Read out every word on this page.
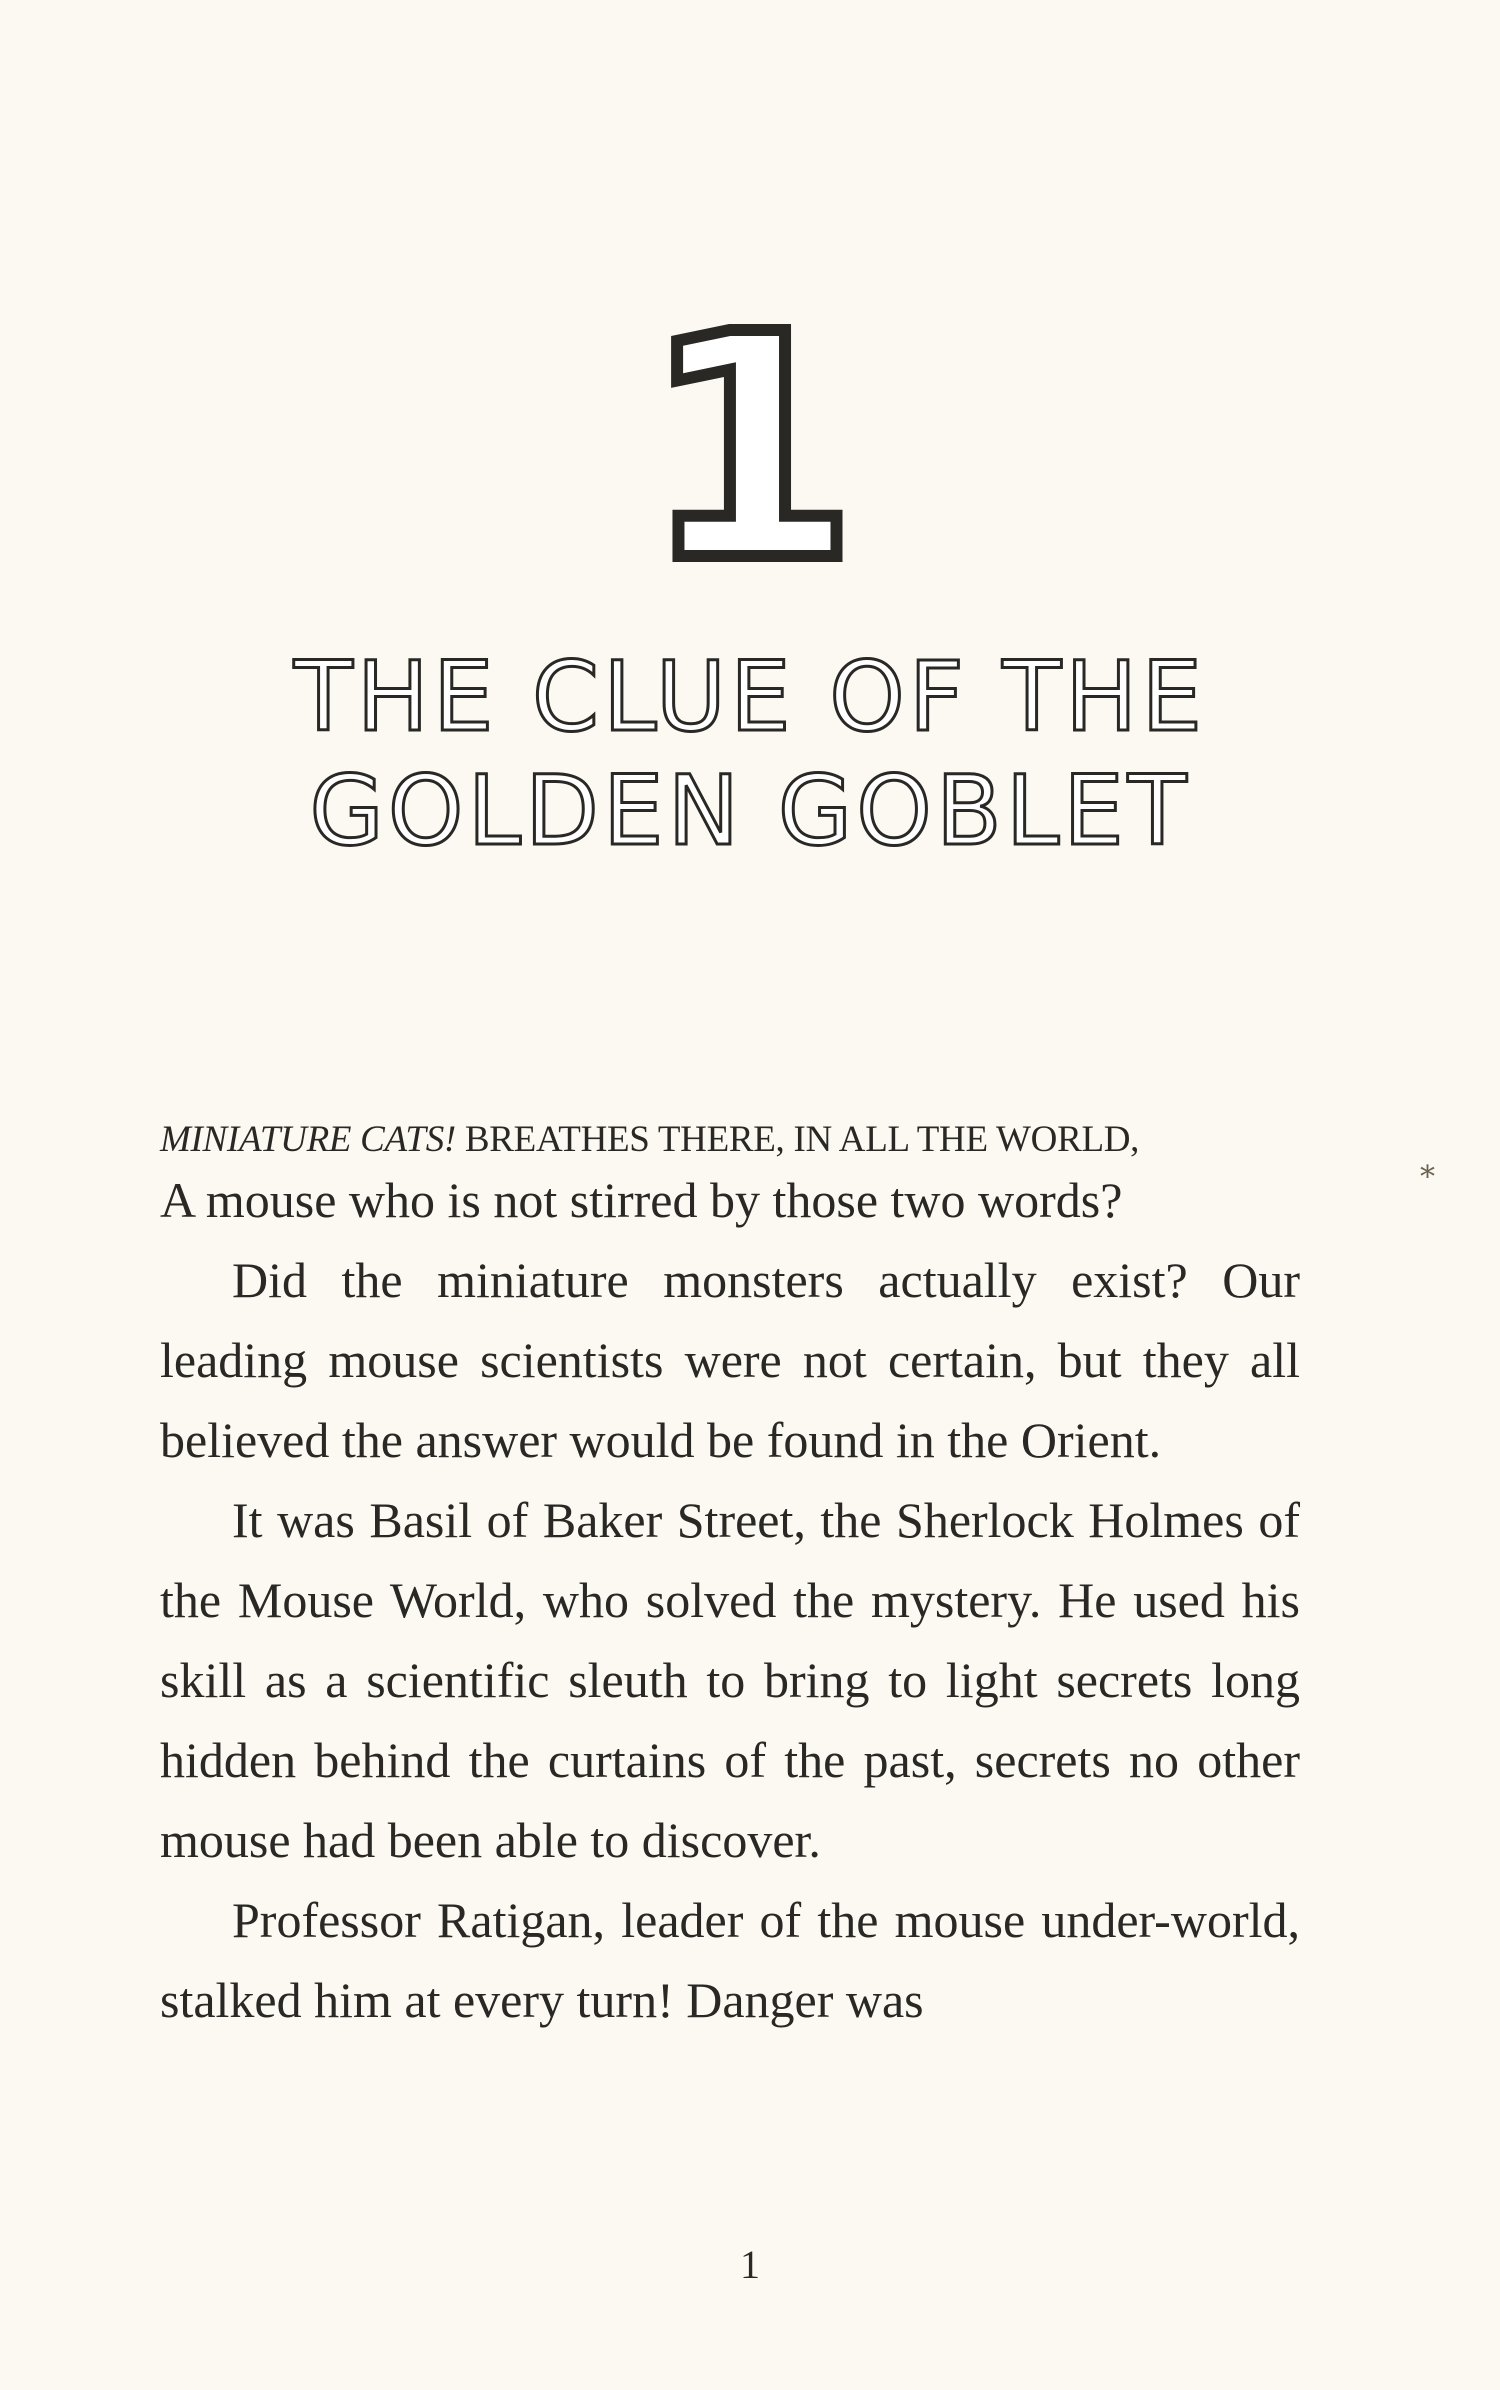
1
THE CLUE OF THE
GOLDEN GOBLET
⁎
MINIATURE CATS! BREATHES THERE, IN ALL THE WORLD,

A mouse who is not stirred by those two words?

Did the miniature monsters actually exist? Our leading mouse scientists were not certain, but they all believed the answer would be found in the Orient.

It was Basil of Baker Street, the Sherlock Holmes of the Mouse World, who solved the mystery. He used his skill as a scientific sleuth to bring to light secrets long hidden behind the curtains of the past, secrets no other mouse had been able to discover.

Professor Ratigan, leader of the mouse under-world, stalked him at every turn! Danger was

1
